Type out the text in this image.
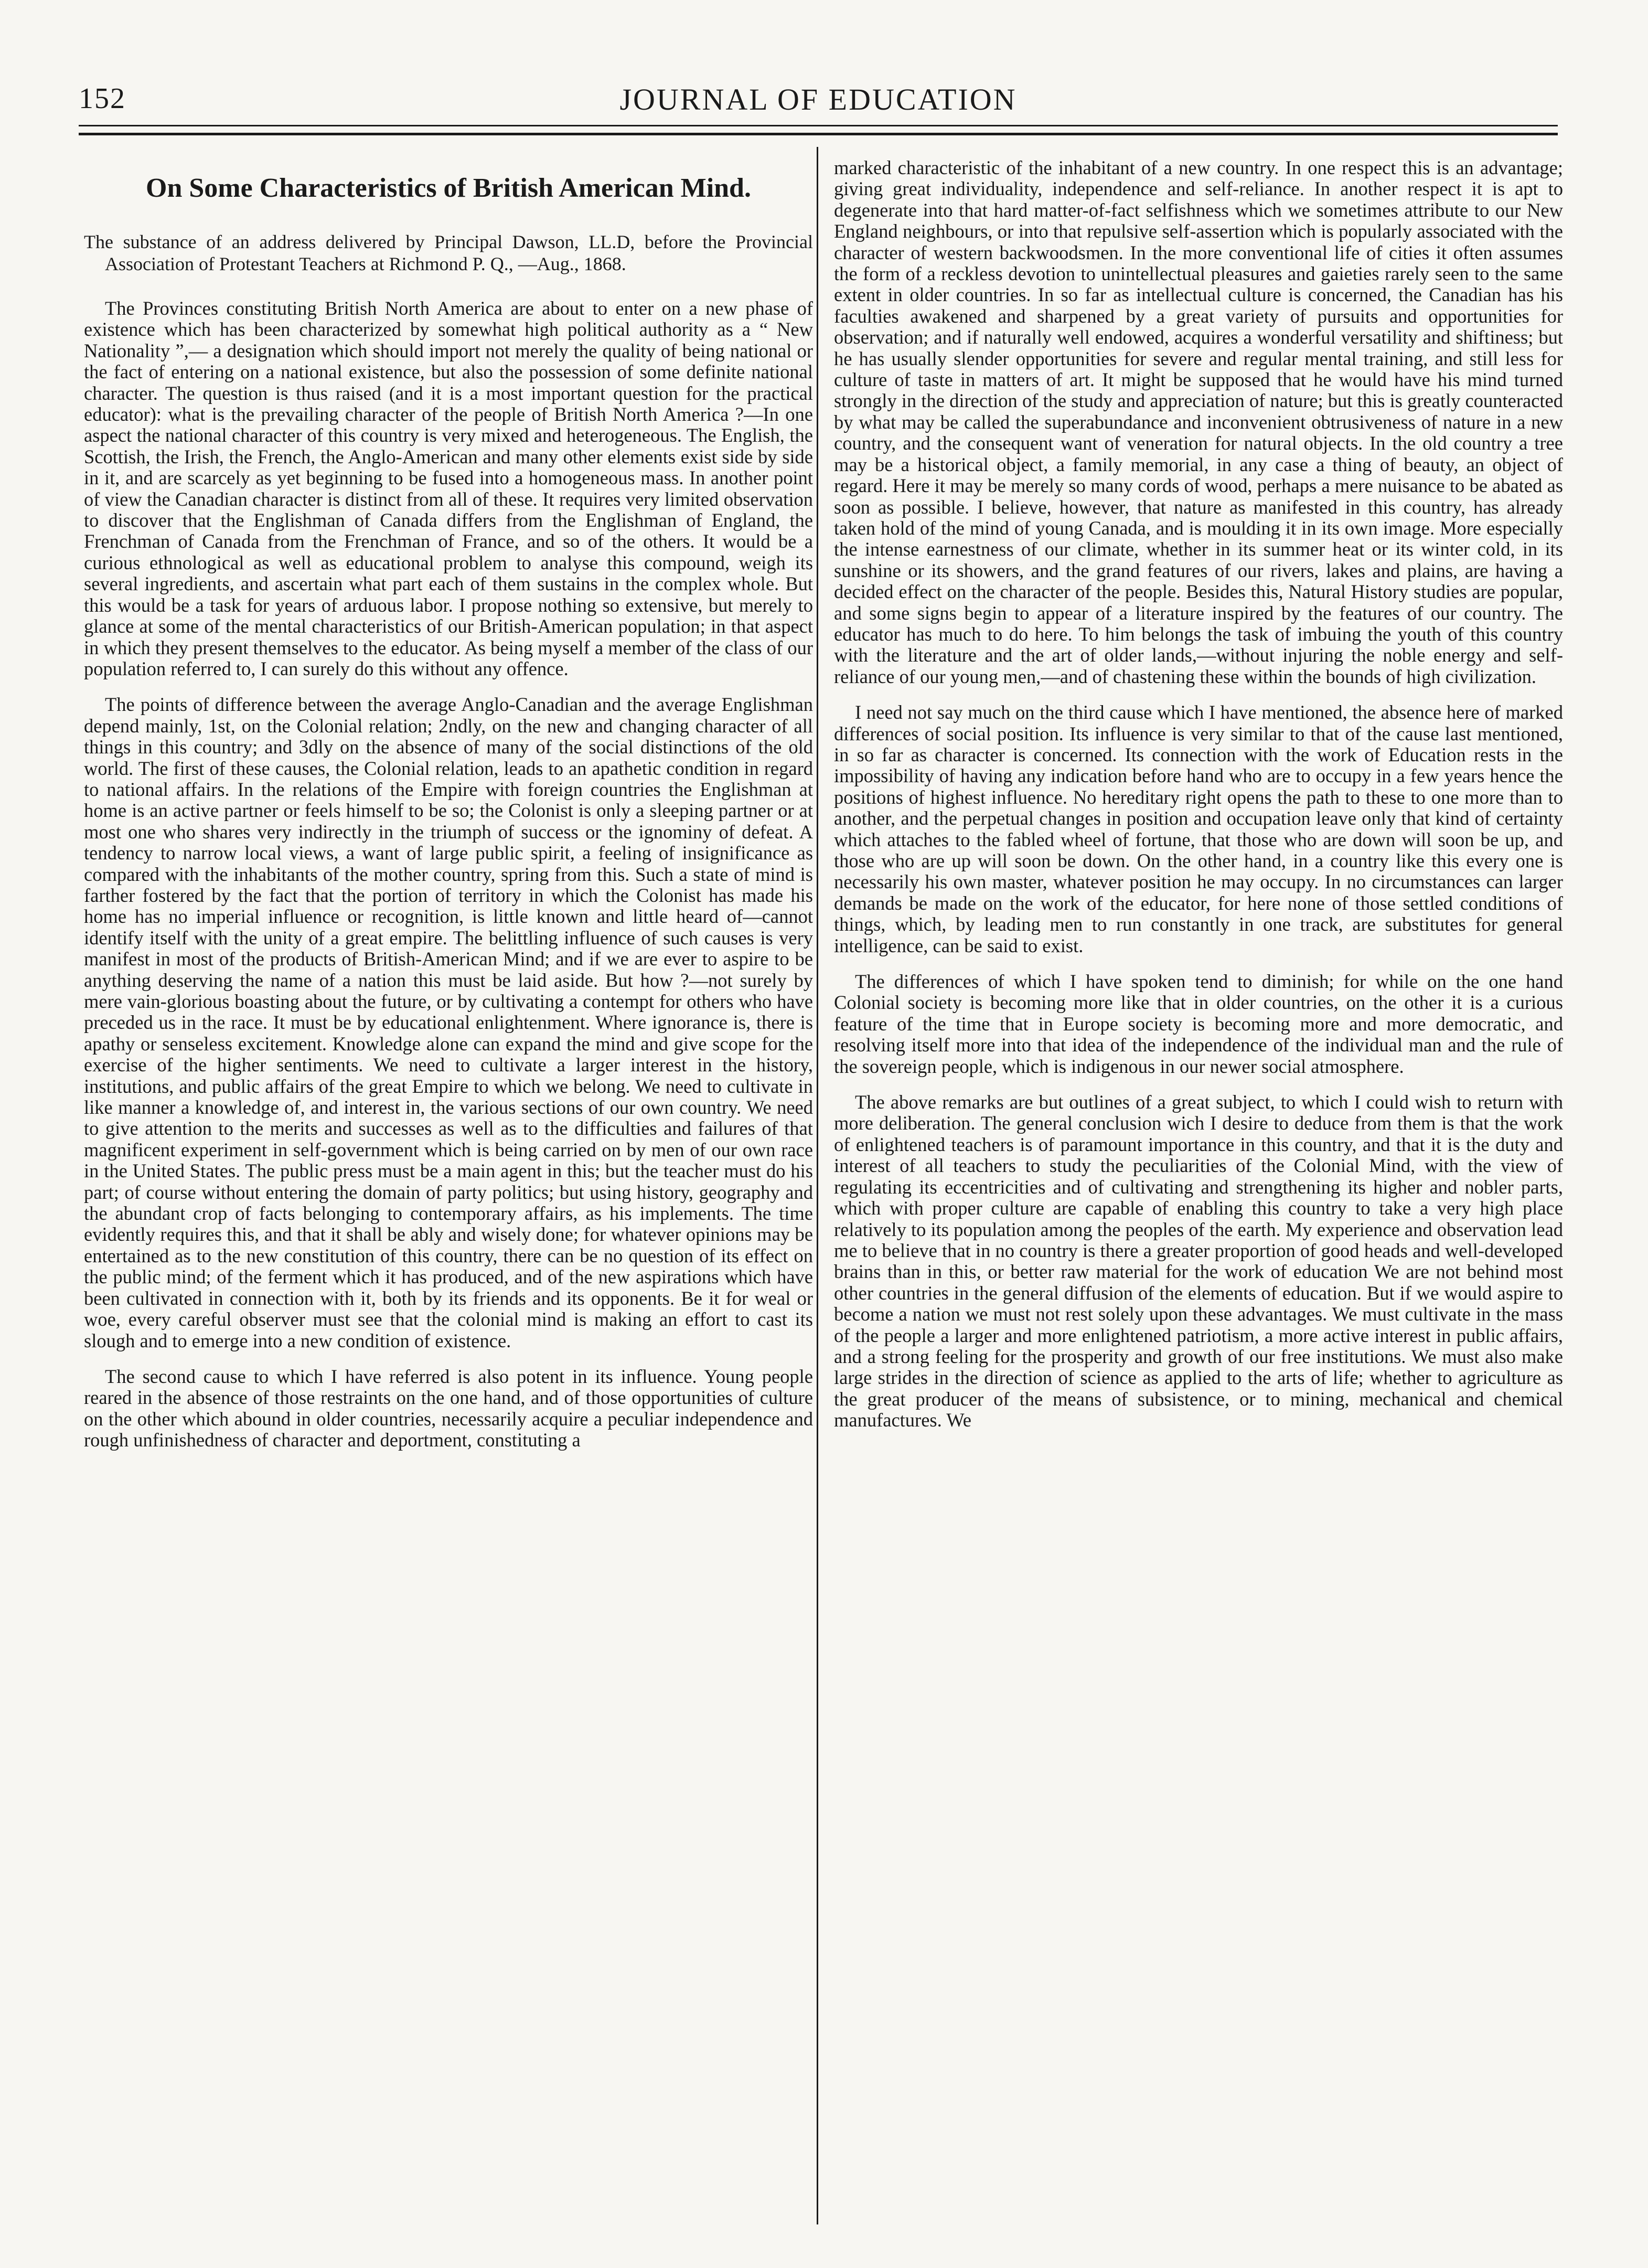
152	JOURNAL OF EDUCATION
On Some Characteristics of British American Mind.
The substance of an address delivered by Principal Dawson, LL.D, before the Provincial Association of Protestant Teachers at Richmond P. Q., —Aug., 1868.

The Provinces constituting British North America are about to enter on a new phase of existence which has been characterized by somewhat high political authority as a “ New Nationality ”,— a designation which should import not merely the quality of being national or the fact of entering on a national existence, but also the possession of some definite national character. The question is thus raised (and it is a most important question for the practical educator): what is the prevailing character of the people of British North America ?—In one aspect the national character of this country is very mixed and heterogeneous. The English, the Scottish, the Irish, the French, the Anglo-American and many other elements exist side by side in it, and are scarcely as yet beginning to be fused into a homogeneous mass. In another point of view the Canadian character is distinct from all of these. It requires very limited observation to discover that the Englishman of Canada differs from the Englishman of England, the Frenchman of Canada from the Frenchman of France, and so of the others. It would be a curious ethnological as well as educational problem to analyse this compound, weigh its several ingredients, and ascertain what part each of them sustains in the complex whole. But this would be a task for years of arduous labor. I propose nothing so extensive, but merely to glance at some of the mental characteristics of our British-American population; in that aspect in which they present themselves to the educator. As being myself a member of the class of our population referred to, I can surely do this without any offence.

The points of difference between the average Anglo-Canadian and the average Englishman depend mainly, 1st, on the Colonial relation; 2ndly, on the new and changing character of all things in this country; and 3dly on the absence of many of the social distinctions of the old world. The first of these causes, the Colonial relation, leads to an apathetic condition in regard to national affairs. In the relations of the Empire with foreign countries the Englishman at home is an active partner or feels himself to be so; the Colonist is only a sleeping partner or at most one who shares very indirectly in the triumph of success or the ignominy of defeat. A tendency to narrow local views, a want of large public spirit, a feeling of insignificance as compared with the inhabitants of the mother country, spring from this. Such a state of mind is farther fostered by the fact that the portion of territory in which the Colonist has made his home has no imperial influence or recognition, is little known and little heard of—cannot identify itself with the unity of a great empire. The belittling influence of such causes is very manifest in most of the products of British-American Mind; and if we are ever to aspire to be anything deserving the name of a nation this must be laid aside. But how ?—not surely by mere vain-glorious boasting about the future, or by cultivating a contempt for others who have preceded us in the race. It must be by educational enlightenment. Where ignorance is, there is apathy or senseless excitement. Knowledge alone can expand the mind and give scope for the exercise of the higher sentiments. We need to cultivate a larger interest in the history, institutions, and public affairs of the great Empire to which we belong. We need to cultivate in like manner a knowledge of, and interest in, the various sections of our own country. We need to give attention to the merits and successes as well as to the difficulties and failures of that magnificent experiment in self-government which is being carried on by men of our own race in the United States. The public press must be a main agent in this; but the teacher must do his part; of course without entering the domain of party politics; but using history, geography and the abundant crop of facts belonging to contemporary affairs, as his implements. The time evidently requires this, and that it shall be ably and wisely done; for whatever opinions may be entertained as to the new constitution of this country, there can be no question of its effect on the public mind; of the ferment which it has produced, and of the new aspirations which have been cultivated in connection with it, both by its friends and its opponents. Be it for weal or woe, every careful observer must see that the colonial mind is making an effort to cast its slough and to emerge into a new condition of existence.

The second cause to which I have referred is also potent in its influence. Young people reared in the absence of those restraints on the one hand, and of those opportunities of culture on the other which abound in older countries, necessarily acquire a peculiar independence and rough unfinishedness of character and deportment, constituting a

marked characteristic of the inhabitant of a new country. In one respect this is an advantage; giving great individuality, independence and self-reliance. In another respect it is apt to degenerate into that hard matter-of-fact selfishness which we sometimes attribute to our New England neighbours, or into that repulsive self-assertion which is popularly associated with the character of western backwoodsmen. In the more conventional life of cities it often assumes the form of a reckless devotion to unintellectual pleasures and gaieties rarely seen to the same extent in older countries. In so far as intellectual culture is concerned, the Canadian has his faculties awakened and sharpened by a great variety of pursuits and opportunities for observation; and if naturally well endowed, acquires a wonderful versatility and shiftiness; but he has usually slender opportunities for severe and regular mental training, and still less for culture of taste in matters of art. It might be supposed that he would have his mind turned strongly in the direction of the study and appreciation of nature; but this is greatly counteracted by what may be called the superabundance and inconvenient obtrusiveness of nature in a new country, and the consequent want of veneration for natural objects. In the old country a tree may be a historical object, a family memorial, in any case a thing of beauty, an object of regard. Here it may be merely so many cords of wood, perhaps a mere nuisance to be abated as soon as possible. I believe, however, that nature as manifested in this country, has already taken hold of the mind of young Canada, and is moulding it in its own image. More especially the intense earnestness of our climate, whether in its summer heat or its winter cold, in its sunshine or its showers, and the grand features of our rivers, lakes and plains, are having a decided effect on the character of the people. Besides this, Natural History studies are popular, and some signs begin to appear of a literature inspired by the features of our country. The educator has much to do here. To him belongs the task of imbuing the youth of this country with the literature and the art of older lands,—without injuring the noble energy and self-reliance of our young men,—and of chastening these within the bounds of high civilization.

I need not say much on the third cause which I have mentioned, the absence here of marked differences of social position. Its influence is very similar to that of the cause last mentioned, in so far as character is concerned. Its connection with the work of Education rests in the impossibility of having any indication before hand who are to occupy in a few years hence the positions of highest influence. No hereditary right opens the path to these to one more than to another, and the perpetual changes in position and occupation leave only that kind of certainty which attaches to the fabled wheel of fortune, that those who are down will soon be up, and those who are up will soon be down. On the other hand, in a country like this every one is necessarily his own master, whatever position he may occupy. In no circumstances can larger demands be made on the work of the educator, for here none of those settled conditions of things, which, by leading men to run constantly in one track, are substitutes for general intelligence, can be said to exist.

The differences of which I have spoken tend to diminish; for while on the one hand Colonial society is becoming more like that in older countries, on the other it is a curious feature of the time that in Europe society is becoming more and more democratic, and resolving itself more into that idea of the independence of the individual man and the rule of the sovereign people, which is indigenous in our newer social atmosphere.

The above remarks are but outlines of a great subject, to which I could wish to return with more deliberation. The general conclusion wich I desire to deduce from them is that the work of enlightened teachers is of paramount importance in this country, and that it is the duty and interest of all teachers to study the peculiarities of the Colonial Mind, with the view of regulating its eccentricities and of cultivating and strengthening its higher and nobler parts, which with proper culture are capable of enabling this country to take a very high place relatively to its population among the peoples of the earth. My experience and observation lead me to believe that in no country is there a greater proportion of good heads and well-developed brains than in this, or better raw material for the work of education We are not behind most other countries in the general diffusion of the elements of education. But if we would aspire to become a nation we must not rest solely upon these advantages. We must cultivate in the mass of the people a larger and more enlightened patriotism, a more active interest in public affairs, and a strong feeling for the prosperity and growth of our free institutions. We must also make large strides in the direction of science as applied to the arts of life; whether to agriculture as the great producer of the means of subsistence, or to mining, mechanical and chemical manufactures. We
